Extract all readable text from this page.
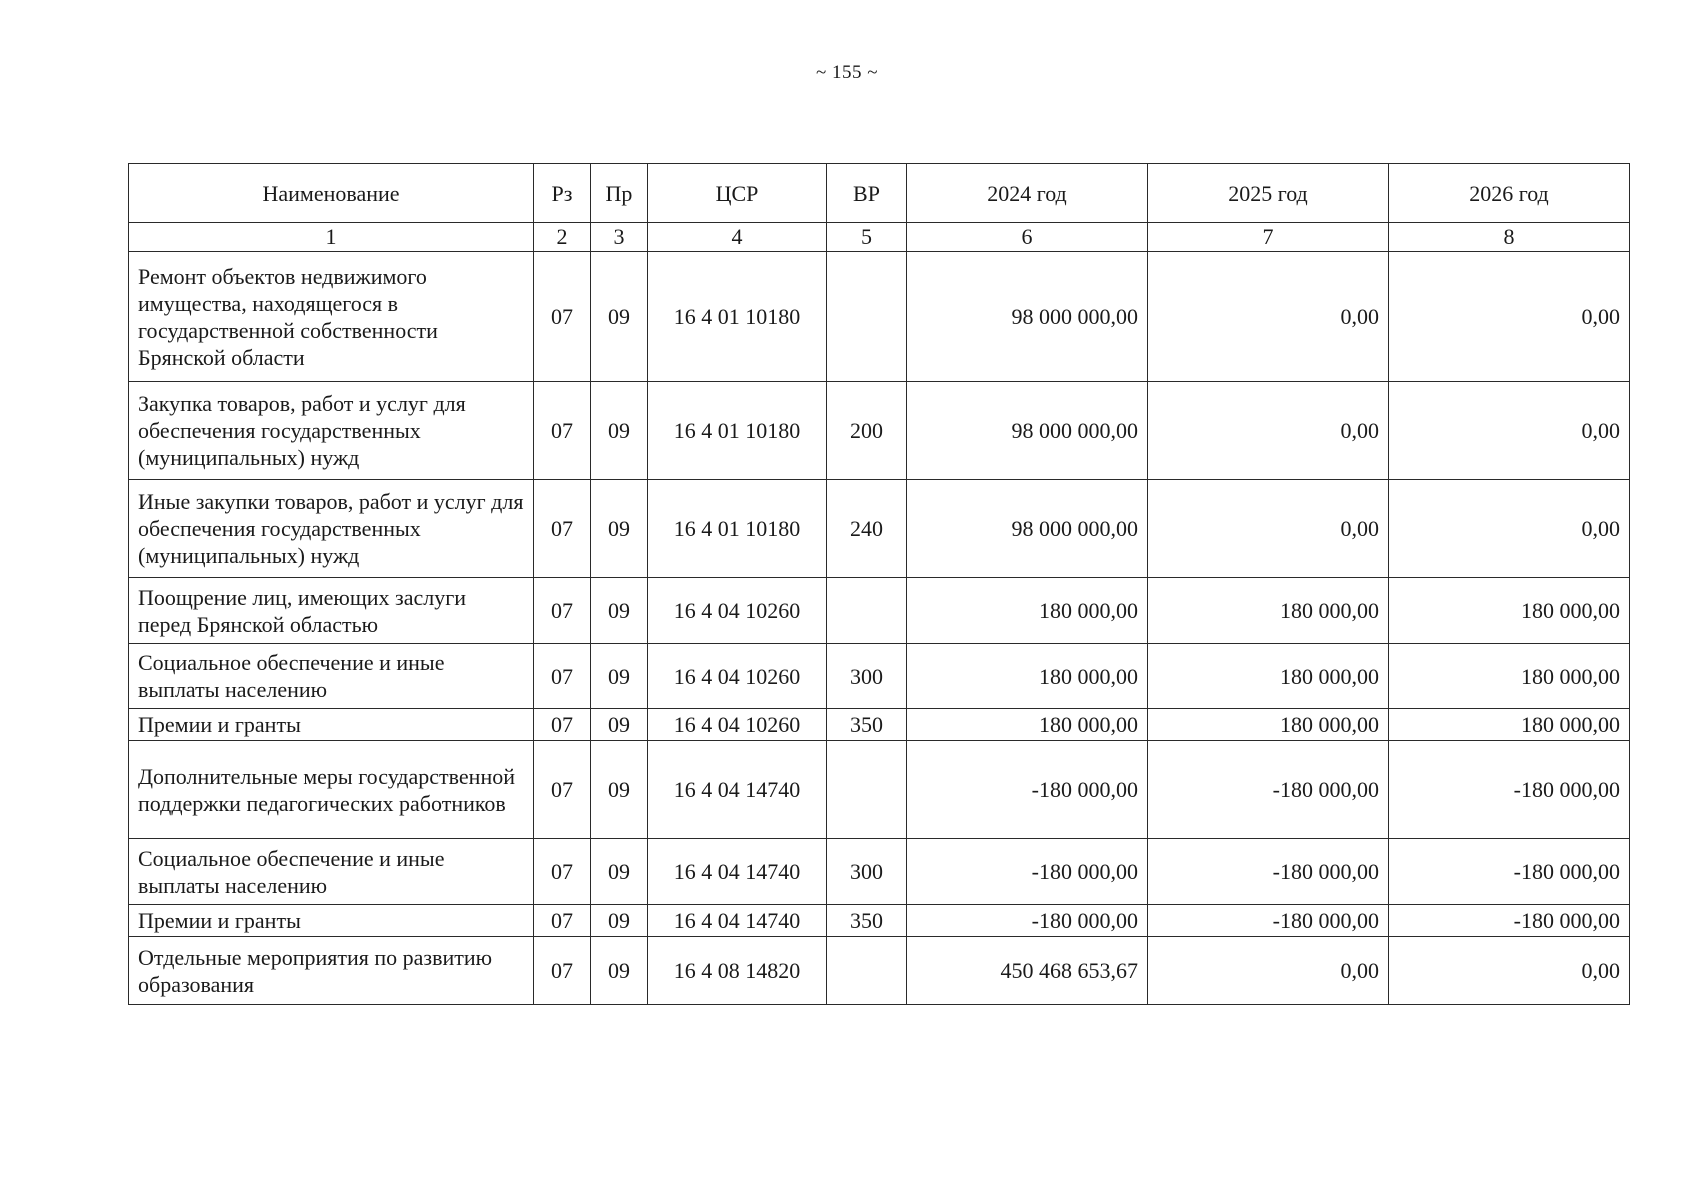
~ 155 ~
Наименование	Рз	Пр	ЦСР	ВР	2024 год	2025 год	2026 год
1	2	3	4	5	6	7	8
Ремонт объектов недвижимого имущества, находящегося в государственной собственности Брянской области	07	09	16 4 01 10180		98 000 000,00	0,00	0,00
Закупка товаров, работ и услуг для обеспечения государственных (муниципальных) нужд	07	09	16 4 01 10180	200	98 000 000,00	0,00	0,00
Иные закупки товаров, работ и услуг для обеспечения государственных (муниципальных) нужд	07	09	16 4 01 10180	240	98 000 000,00	0,00	0,00
Поощрение лиц, имеющих заслуги перед Брянской областью	07	09	16 4 04 10260		180 000,00	180 000,00	180 000,00
Социальное обеспечение и иные выплаты населению	07	09	16 4 04 10260	300	180 000,00	180 000,00	180 000,00
Премии и гранты	07	09	16 4 04 10260	350	180 000,00	180 000,00	180 000,00
Дополнительные меры государственной поддержки педагогических работников	07	09	16 4 04 14740		-180 000,00	-180 000,00	-180 000,00
Социальное обеспечение и иные выплаты населению	07	09	16 4 04 14740	300	-180 000,00	-180 000,00	-180 000,00
Премии и гранты	07	09	16 4 04 14740	350	-180 000,00	-180 000,00	-180 000,00
Отдельные мероприятия по развитию образования	07	09	16 4 08 14820		450 468 653,67	0,00	0,00
